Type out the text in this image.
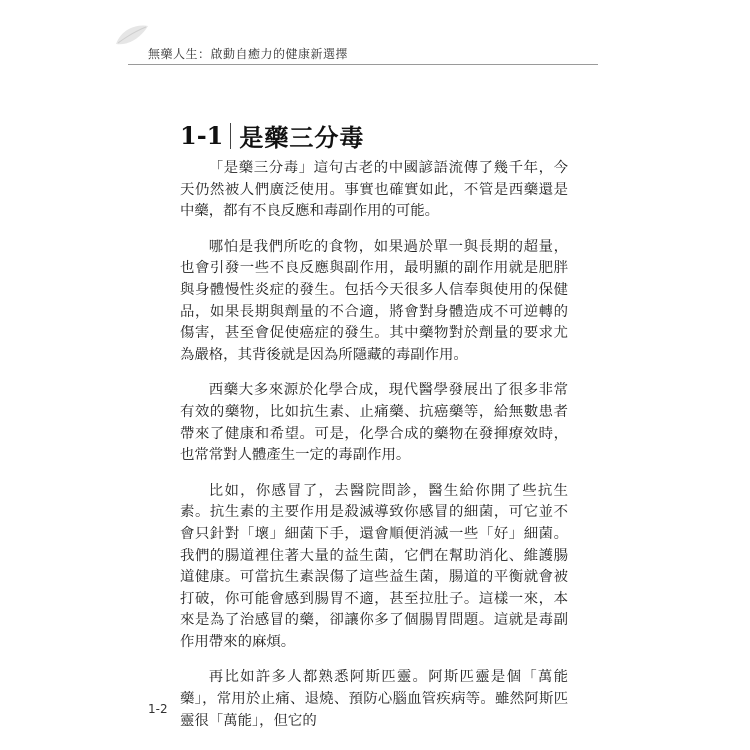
無藥人生：啟動自癒力的健康新選擇
1-1 是藥三分毒

「是藥三分毒」這句古老的中國諺語流傳了幾千年，今天仍然被人們廣泛使用。事實也確實如此，不管是西藥還是中藥，都有不良反應和毒副作用的可能。

哪怕是我們所吃的食物，如果過於單一與長期的超量，也會引發一些不良反應與副作用，最明顯的副作用就是肥胖與身體慢性炎症的發生。包括今天很多人信奉與使用的保健品，如果長期與劑量的不合適，將會對身體造成不可逆轉的傷害，甚至會促使癌症的發生。其中藥物對於劑量的要求尤為嚴格，其背後就是因為所隱藏的毒副作用。

西藥大多來源於化學合成，現代醫學發展出了很多非常有效的藥物，比如抗生素、止痛藥、抗癌藥等，給無數患者帶來了健康和希望。可是，化學合成的藥物在發揮療效時，也常常對人體產生一定的毒副作用。

比如，你感冒了，去醫院問診，醫生給你開了些抗生素。抗生素的主要作用是殺滅導致你感冒的細菌，可它並不會只針對「壞」細菌下手，還會順便消滅一些「好」細菌。我們的腸道裡住著大量的益生菌，它們在幫助消化、維護腸道健康。可當抗生素誤傷了這些益生菌，腸道的平衡就會被打破，你可能會感到腸胃不適，甚至拉肚子。這樣一來，本來是為了治感冒的藥，卻讓你多了個腸胃問題。這就是毒副作用帶來的麻煩。

再比如許多人都熟悉阿斯匹靈。阿斯匹靈是個「萬能藥」，常用於止痛、退燒、預防心腦血管疾病等。雖然阿斯匹靈很「萬能」，但它的

1-2
